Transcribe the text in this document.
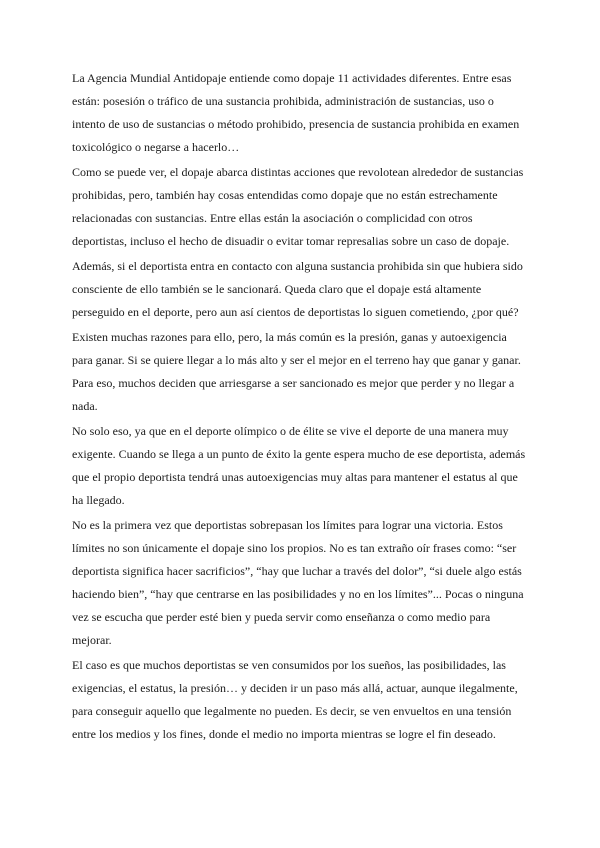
La Agencia Mundial Antidopaje entiende como dopaje 11 actividades diferentes. Entre esas
están: posesión o tráfico de una sustancia prohibida, administración de sustancias, uso o
intento de uso de sustancias o método prohibido, presencia de sustancia prohibida en examen
toxicológico o negarse a hacerlo…
Como se puede ver, el dopaje abarca distintas acciones que revolotean alrededor de sustancias
prohibidas, pero, también hay cosas entendidas como dopaje que no están estrechamente
relacionadas con sustancias. Entre ellas están la asociación o complicidad con otros
deportistas, incluso el hecho de disuadir o evitar tomar represalias sobre un caso de dopaje.
Además, si el deportista entra en contacto con alguna sustancia prohibida sin que hubiera sido
consciente de ello también se le sancionará. Queda claro que el dopaje está altamente
perseguido en el deporte, pero aun así cientos de deportistas lo siguen cometiendo, ¿por qué?
Existen muchas razones para ello, pero, la más común es la presión, ganas y autoexigencia
para ganar. Si se quiere llegar a lo más alto y ser el mejor en el terreno hay que ganar y ganar.
Para eso, muchos deciden que arriesgarse a ser sancionado es mejor que perder y no llegar a
nada.
No solo eso, ya que en el deporte olímpico o de élite se vive el deporte de una manera muy
exigente. Cuando se llega a un punto de éxito la gente espera mucho de ese deportista, además
que el propio deportista tendrá unas autoexigencias muy altas para mantener el estatus al que
ha llegado.
No es la primera vez que deportistas sobrepasan los límites para lograr una victoria. Estos
límites no son únicamente el dopaje sino los propios. No es tan extraño oír frases como: “ser
deportista significa hacer sacrificios”, “hay que luchar a través del dolor”, “si duele algo estás
haciendo bien”, “hay que centrarse en las posibilidades y no en los límites”... Pocas o ninguna
vez se escucha que perder esté bien y pueda servir como enseñanza o como medio para
mejorar.
El caso es que muchos deportistas se ven consumidos por los sueños, las posibilidades, las
exigencias, el estatus, la presión… y deciden ir un paso más allá, actuar, aunque ilegalmente,
para conseguir aquello que legalmente no pueden. Es decir, se ven envueltos en una tensión
entre los medios y los fines, donde el medio no importa mientras se logre el fin deseado.
